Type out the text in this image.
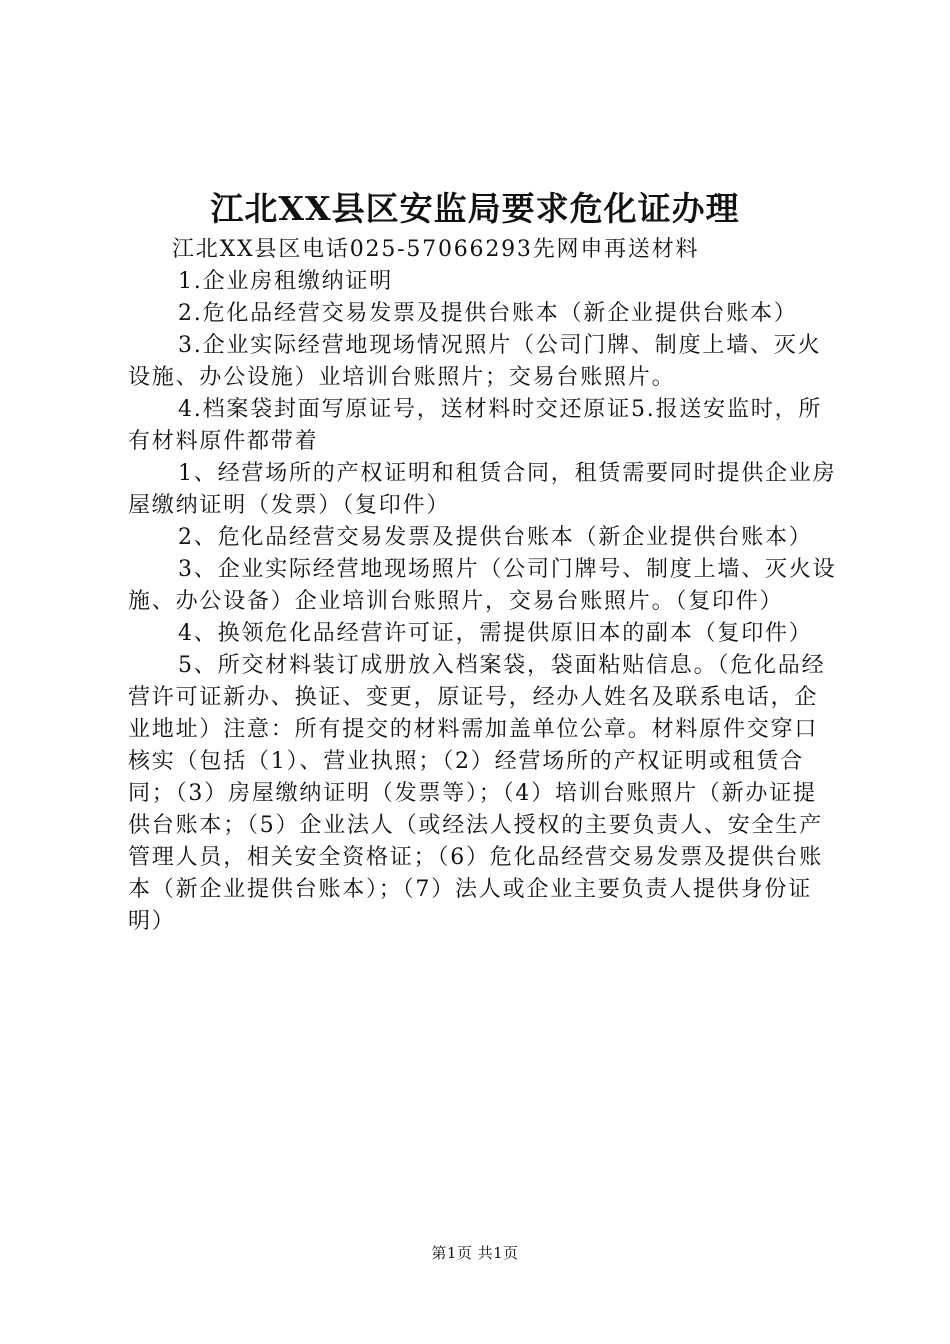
江北XX县区安监局要求危化证办理

江北XX县区电话025-57066293先网申再送材料

1.企业房租缴纳证明

2.危化品经营交易发票及提供台账本（新企业提供台账本）

3.企业实际经营地现场情况照片（公司门牌、制度上墙、灭火设施、办公设施）业培训台账照片；交易台账照片。

4.档案袋封面写原证号，送材料时交还原证5.报送安监时，所有材料原件都带着

1、经营场所的产权证明和租赁合同，租赁需要同时提供企业房屋缴纳证明（发票）（复印件）

2、危化品经营交易发票及提供台账本（新企业提供台账本）

3、企业实际经营地现场照片（公司门牌号、制度上墙、灭火设施、办公设备）企业培训台账照片，交易台账照片。（复印件）

4、换领危化品经营许可证，需提供原旧本的副本（复印件）

5、所交材料装订成册放入档案袋，袋面粘贴信息。（危化品经营许可证新办、换证、变更，原证号，经办人姓名及联系电话，企业地址）注意：所有提交的材料需加盖单位公章。材料原件交穿口核实（包括（1）、营业执照；（2）经营场所的产权证明或租赁合同；（3）房屋缴纳证明（发票等）；（4）培训台账照片（新办证提供台账本；（5）企业法人（或经法人授权的主要负责人、安全生产管理人员，相关安全资格证；（6）危化品经营交易发票及提供台账本（新企业提供台账本）；（7）法人或企业主要负责人提供身份证明）

第1页 共1页
